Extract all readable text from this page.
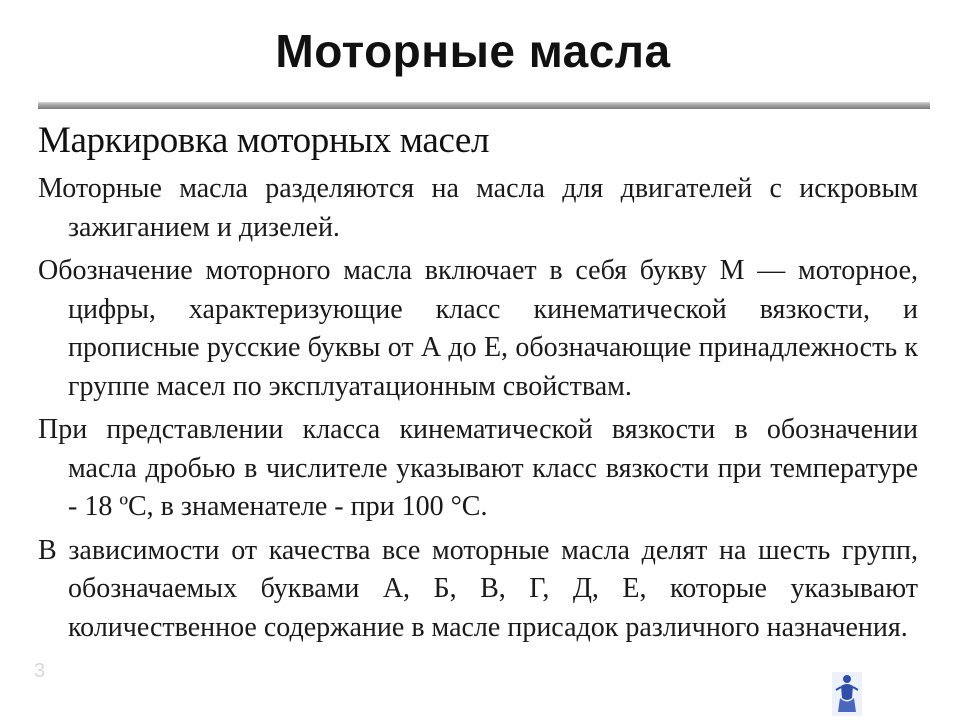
Моторные масла
Маркировка моторных масел

Моторные масла разделяются на масла для двигателей с искровым зажиганием и дизелей.

Обозначение моторного масла включает в себя букву М — моторное, цифры, характеризующие класс кинематической вязкости, и прописные русские буквы от А до Е, обозначающие принадлежность к группе масел по эксплуатационным свойствам.

При представлении класса кинематической вязкости в обозначении масла дробью в числителе указывают класс вязкости при температуре - 18 ºС, в знаменателе - при 100 °С.

В зависимости от качества все моторные масла делят на шесть групп, обозначаемых буквами А, Б, В, Г, Д, Е, которые указывают количественное содержание в масле присадок различного назначения.

3
